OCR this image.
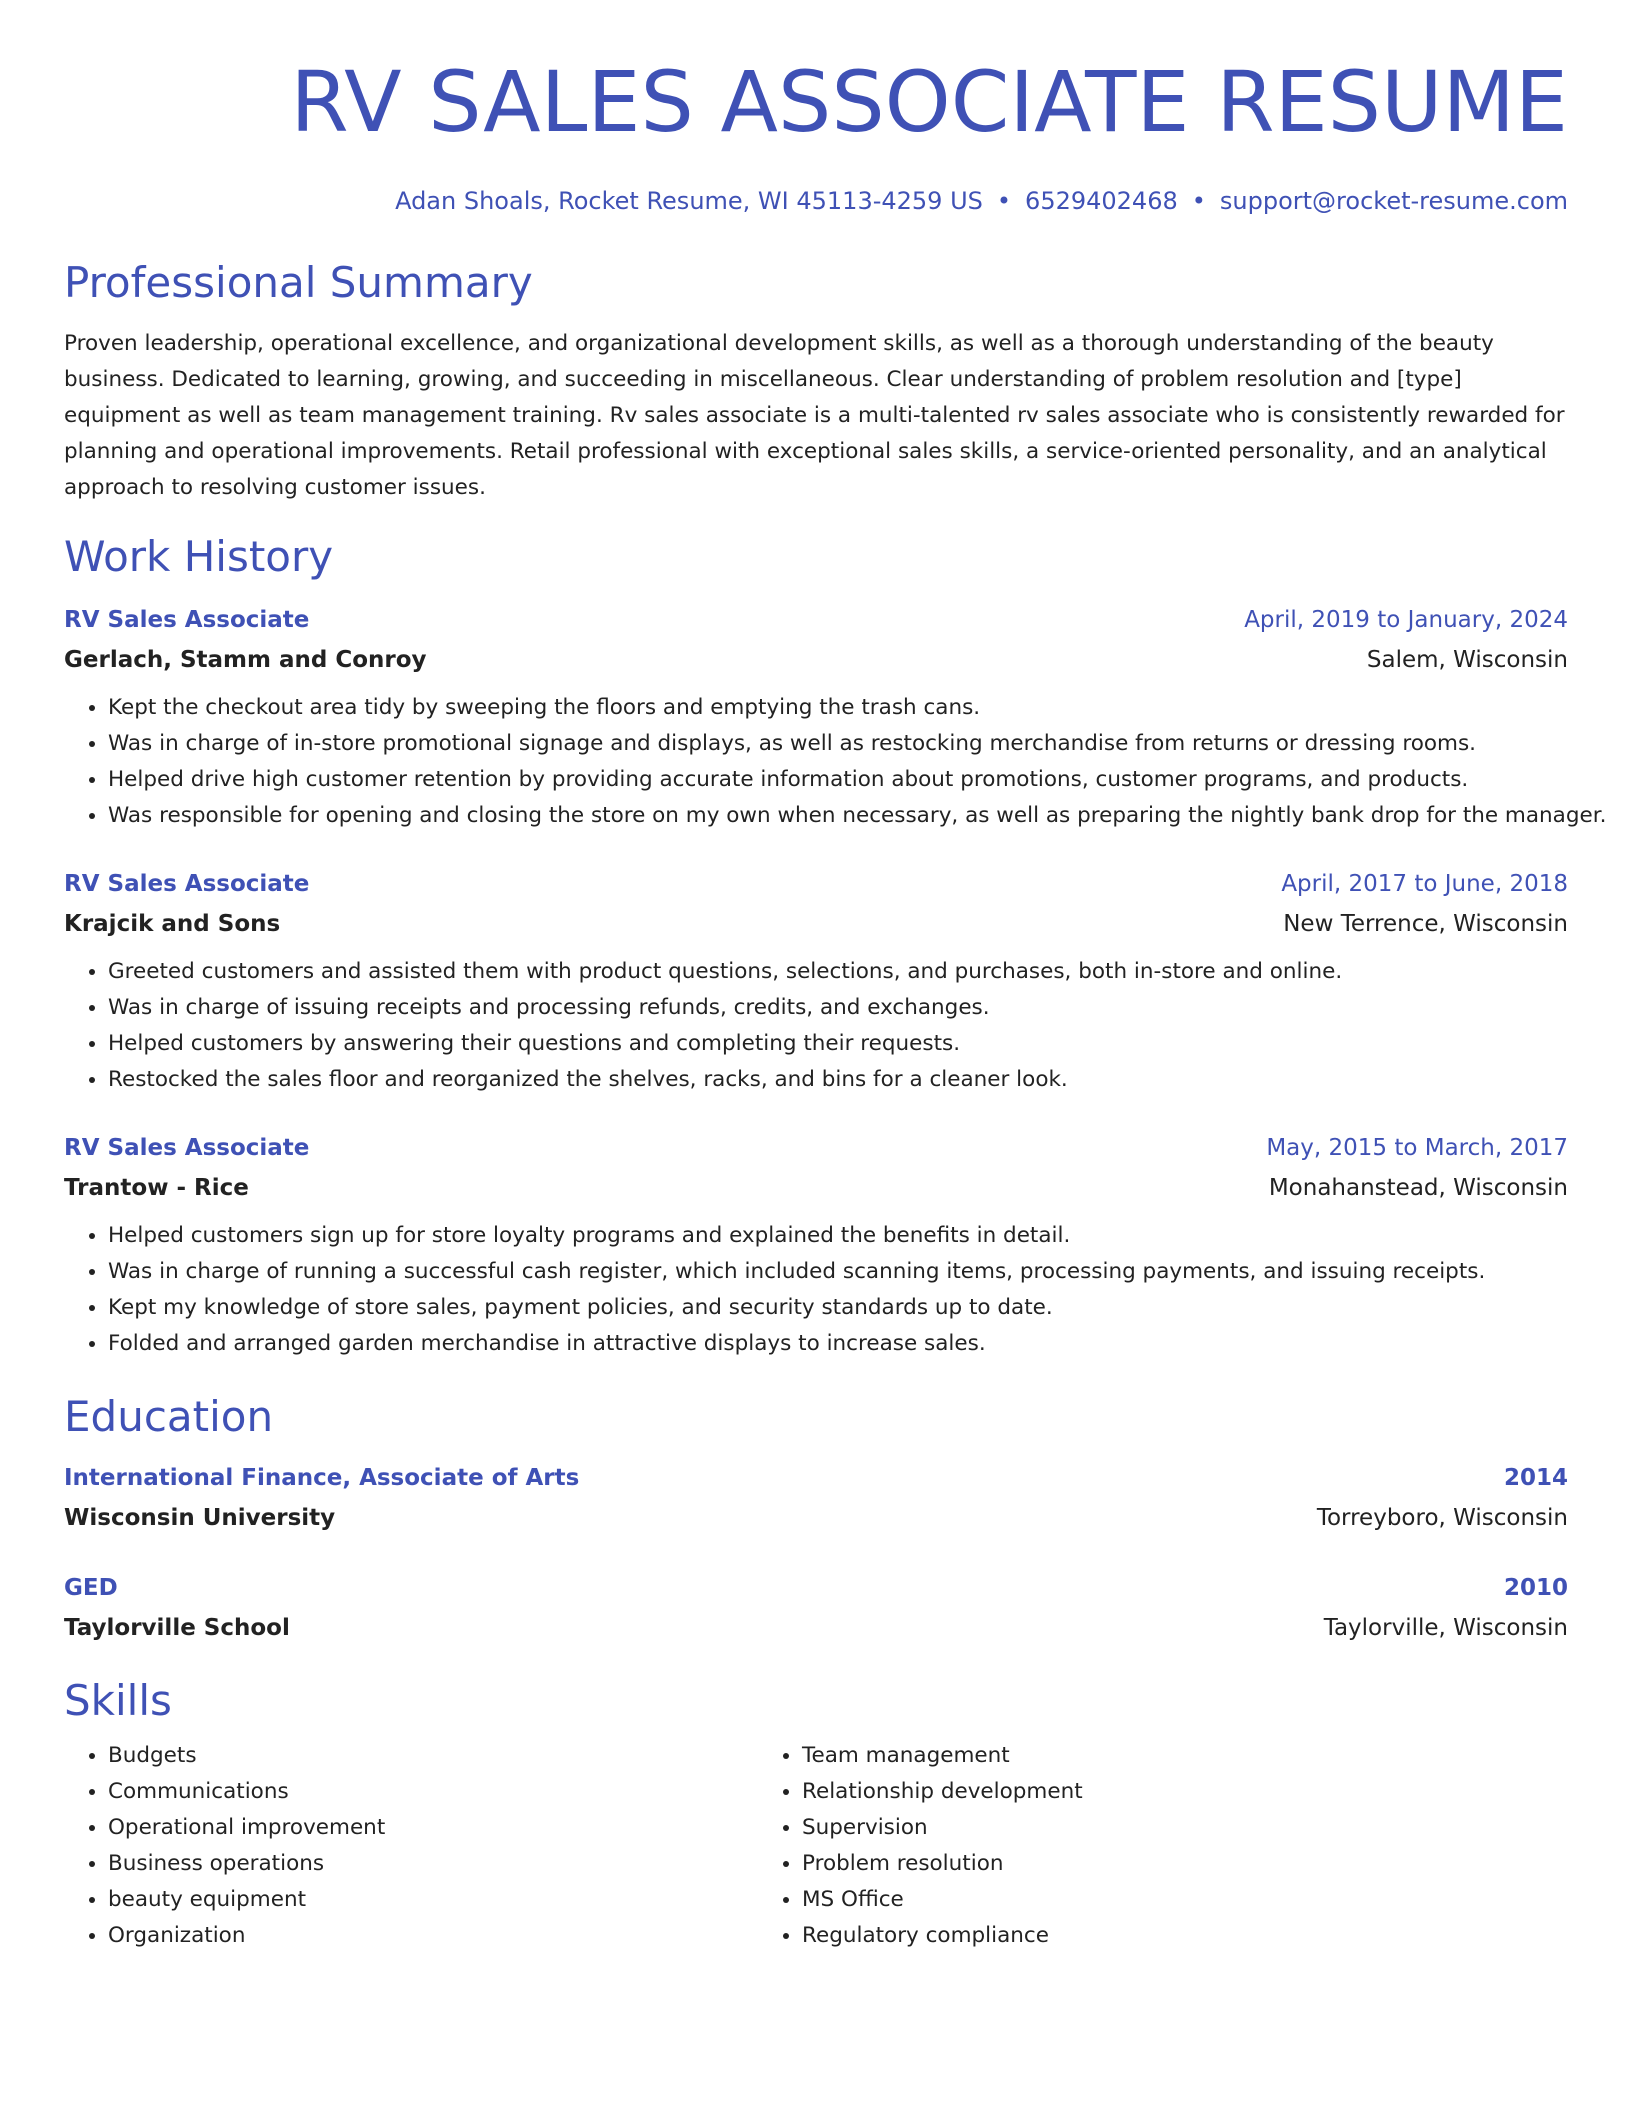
RV SALES ASSOCIATE RESUME
Adan Shoals, Rocket Resume, WI 45113-4259 US • 6529402468 • support@rocket-resume.com
Professional Summary
Proven leadership, operational excellence, and organizational development skills, as well as a thorough understanding of the beauty business. Dedicated to learning, growing, and succeeding in miscellaneous. Clear understanding of problem resolution and [type] equipment as well as team management training. Rv sales associate is a multi-talented rv sales associate who is consistently rewarded for planning and operational improvements. Retail professional with exceptional sales skills, a service-oriented personality, and an analytical approach to resolving customer issues.
Work History
RV Sales Associate	April, 2019 to January, 2024
Gerlach, Stamm and Conroy	Salem, Wisconsin
• Kept the checkout area tidy by sweeping the floors and emptying the trash cans.
• Was in charge of in-store promotional signage and displays, as well as restocking merchandise from returns or dressing rooms.
• Helped drive high customer retention by providing accurate information about promotions, customer programs, and products.
• Was responsible for opening and closing the store on my own when necessary, as well as preparing the nightly bank drop for the manager.
RV Sales Associate	April, 2017 to June, 2018
Krajcik and Sons	New Terrence, Wisconsin
• Greeted customers and assisted them with product questions, selections, and purchases, both in-store and online.
• Was in charge of issuing receipts and processing refunds, credits, and exchanges.
• Helped customers by answering their questions and completing their requests.
• Restocked the sales floor and reorganized the shelves, racks, and bins for a cleaner look.
RV Sales Associate	May, 2015 to March, 2017
Trantow - Rice	Monahanstead, Wisconsin
• Helped customers sign up for store loyalty programs and explained the benefits in detail.
• Was in charge of running a successful cash register, which included scanning items, processing payments, and issuing receipts.
• Kept my knowledge of store sales, payment policies, and security standards up to date.
• Folded and arranged garden merchandise in attractive displays to increase sales.
Education
International Finance, Associate of Arts	2014
Wisconsin University	Torreyboro, Wisconsin
GED	2010
Taylorville School	Taylorville, Wisconsin
Skills
• Budgets
• Communications
• Operational improvement
• Business operations
• beauty equipment
• Organization
• Team management
• Relationship development
• Supervision
• Problem resolution
• MS Office
• Regulatory compliance
